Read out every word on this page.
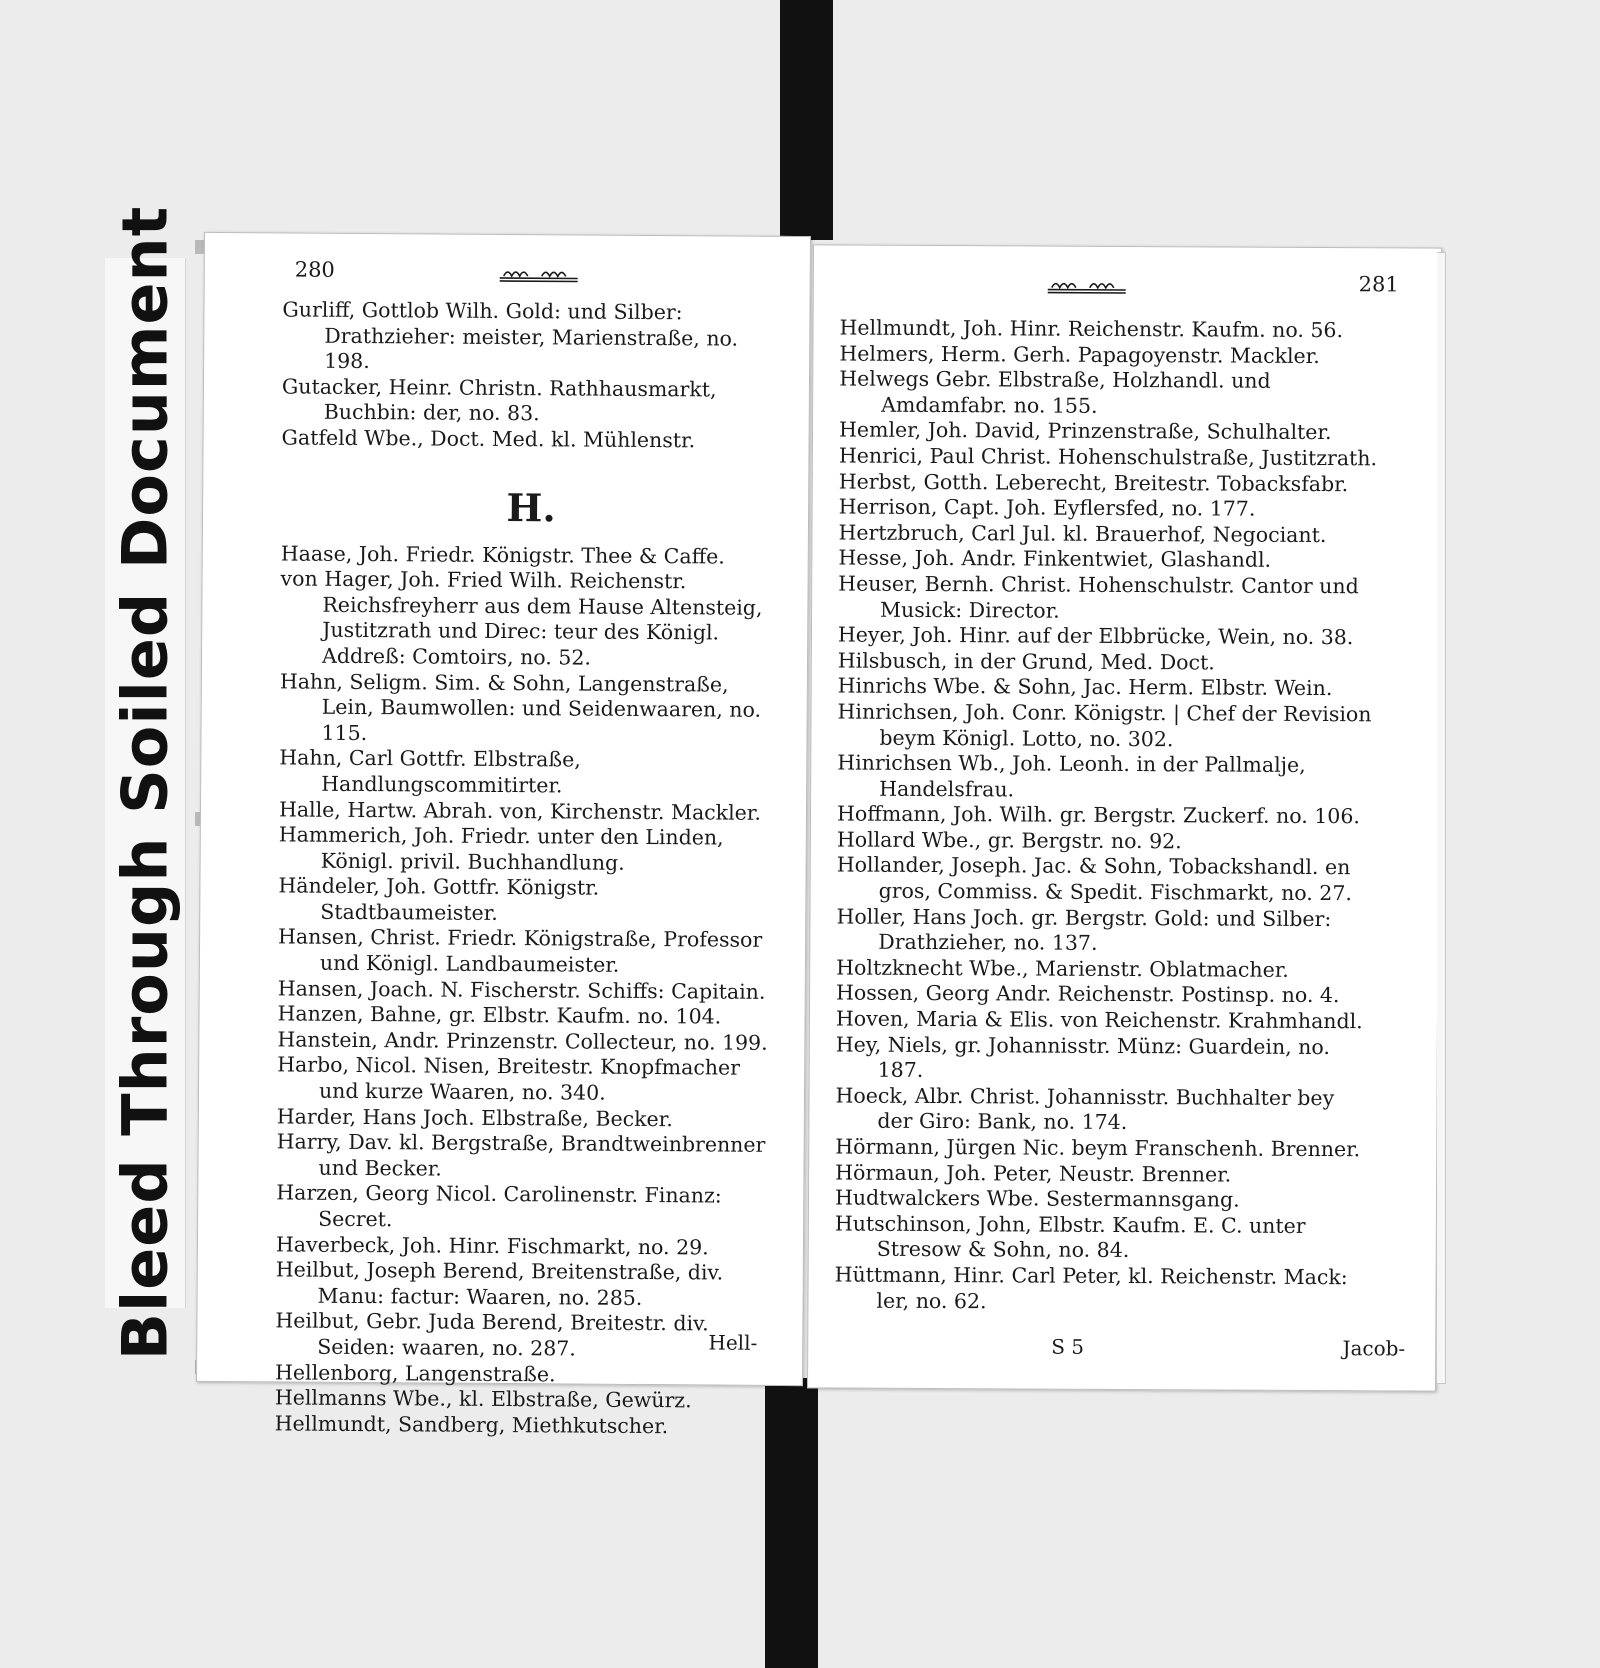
Bleed Through Soiled Document	280
Gurliff, Gottlob Wilh. Gold: und Silber: Drathzieher: meister, Marienstraße, no. 198.
Gutacker, Heinr. Christn. Rathhausmarkt, Buchbin: der, no. 83.
Gatfeld Wbe., Doct. Med. kl. Mühlenstr.
H.
Haase, Joh. Friedr. Königstr. Thee & Caffe.
von Hager, Joh. Fried Wilh. Reichenstr. Reichsfreyherr aus dem Hause Altensteig, Justitzrath und Direc: teur des Königl. Addreß: Comtoirs, no. 52.
Hahn, Seligm. Sim. & Sohn, Langenstraße, Lein, Baumwollen: und Seidenwaaren, no. 115.
Hahn, Carl Gottfr. Elbstraße, Handlungscommitirter.
Halle, Hartw. Abrah. von, Kirchenstr. Mackler.
Hammerich, Joh. Friedr. unter den Linden, Königl. privil. Buchhandlung.
Händeler, Joh. Gottfr. Königstr. Stadtbaumeister.
Hansen, Christ. Friedr. Königstraße, Professor und Königl. Landbaumeister.
Hansen, Joach. N. Fischerstr. Schiffs: Capitain.
Hanzen, Bahne, gr. Elbstr. Kaufm. no. 104.
Hanstein, Andr. Prinzenstr. Collecteur, no. 199.
Harbo, Nicol. Nisen, Breitestr. Knopfmacher und kurze Waaren, no. 340.
Harder, Hans Joch. Elbstraße, Becker.
Harry, Dav. kl. Bergstraße, Brandtweinbrenner und Becker.
Harzen, Georg Nicol. Carolinenstr. Finanz: Secret.
Haverbeck, Joh. Hinr. Fischmarkt, no. 29.
Heilbut, Joseph Berend, Breitenstraße, div. Manu: factur: Waaren, no. 285.
Heilbut, Gebr. Juda Berend, Breitestr. div. Seiden: waaren, no. 287.
Hellenborg, Langenstraße.
Hellmanns Wbe., kl. Elbstraße, Gewürz.
Hellmundt, Sandberg, Miethkutscher.
Hell-
281
Hellmundt, Joh. Hinr. Reichenstr. Kaufm. no. 56.
Helmers, Herm. Gerh. Papagoyenstr. Mackler.
Helwegs Gebr. Elbstraße, Holzhandl. und Amdamfabr. no. 155.
Hemler, Joh. David, Prinzenstraße, Schulhalter.
Henrici, Paul Christ. Hohenschulstraße, Justitzrath.
Herbst, Gotth. Leberecht, Breitestr. Tobacksfabr.
Herrison, Capt. Joh. Eyflersfed, no. 177.
Hertzbruch, Carl Jul. kl. Brauerhof, Negociant.
Hesse, Joh. Andr. Finkentwiet, Glashandl.
Heuser, Bernh. Christ. Hohenschulstr. Cantor und Musick: Director.
Heyer, Joh. Hinr. auf der Elbbrücke, Wein, no. 38.
Hilsbusch, in der Grund, Med. Doct.
Hinrichs Wbe. & Sohn, Jac. Herm. Elbstr. Wein.
Hinrichsen, Joh. Conr. Königstr. | Chef der Revision beym Königl. Lotto, no. 302.
Hinrichsen Wb., Joh. Leonh. in der Pallmalje, Handelsfrau.
Hoffmann, Joh. Wilh. gr. Bergstr. Zuckerf. no. 106.
Hollard Wbe., gr. Bergstr. no. 92.
Hollander, Joseph. Jac. & Sohn, Tobackshandl. en gros, Commiss. & Spedit. Fischmarkt, no. 27.
Holler, Hans Joch. gr. Bergstr. Gold: und Silber: Drathzieher, no. 137.
Holtzknecht Wbe., Marienstr. Oblatmacher.
Hossen, Georg Andr. Reichenstr. Postinsp. no. 4.
Hoven, Maria & Elis. von Reichenstr. Krahmhandl.
Hey, Niels, gr. Johannisstr. Münz: Guardein, no. 187.
Hoeck, Albr. Christ. Johannisstr. Buchhalter bey der Giro: Bank, no. 174.
Hörmann, Jürgen Nic. beym Franschenh. Brenner.
Hörmaun, Joh. Peter, Neustr. Brenner.
Hudtwalckers Wbe. Sestermannsgang.
Hutschinson, John, Elbstr. Kaufm. E. C. unter Stresow & Sohn, no. 84.
Hüttmann, Hinr. Carl Peter, kl. Reichenstr. Mack: ler, no. 62.
S 5	Jacob-
